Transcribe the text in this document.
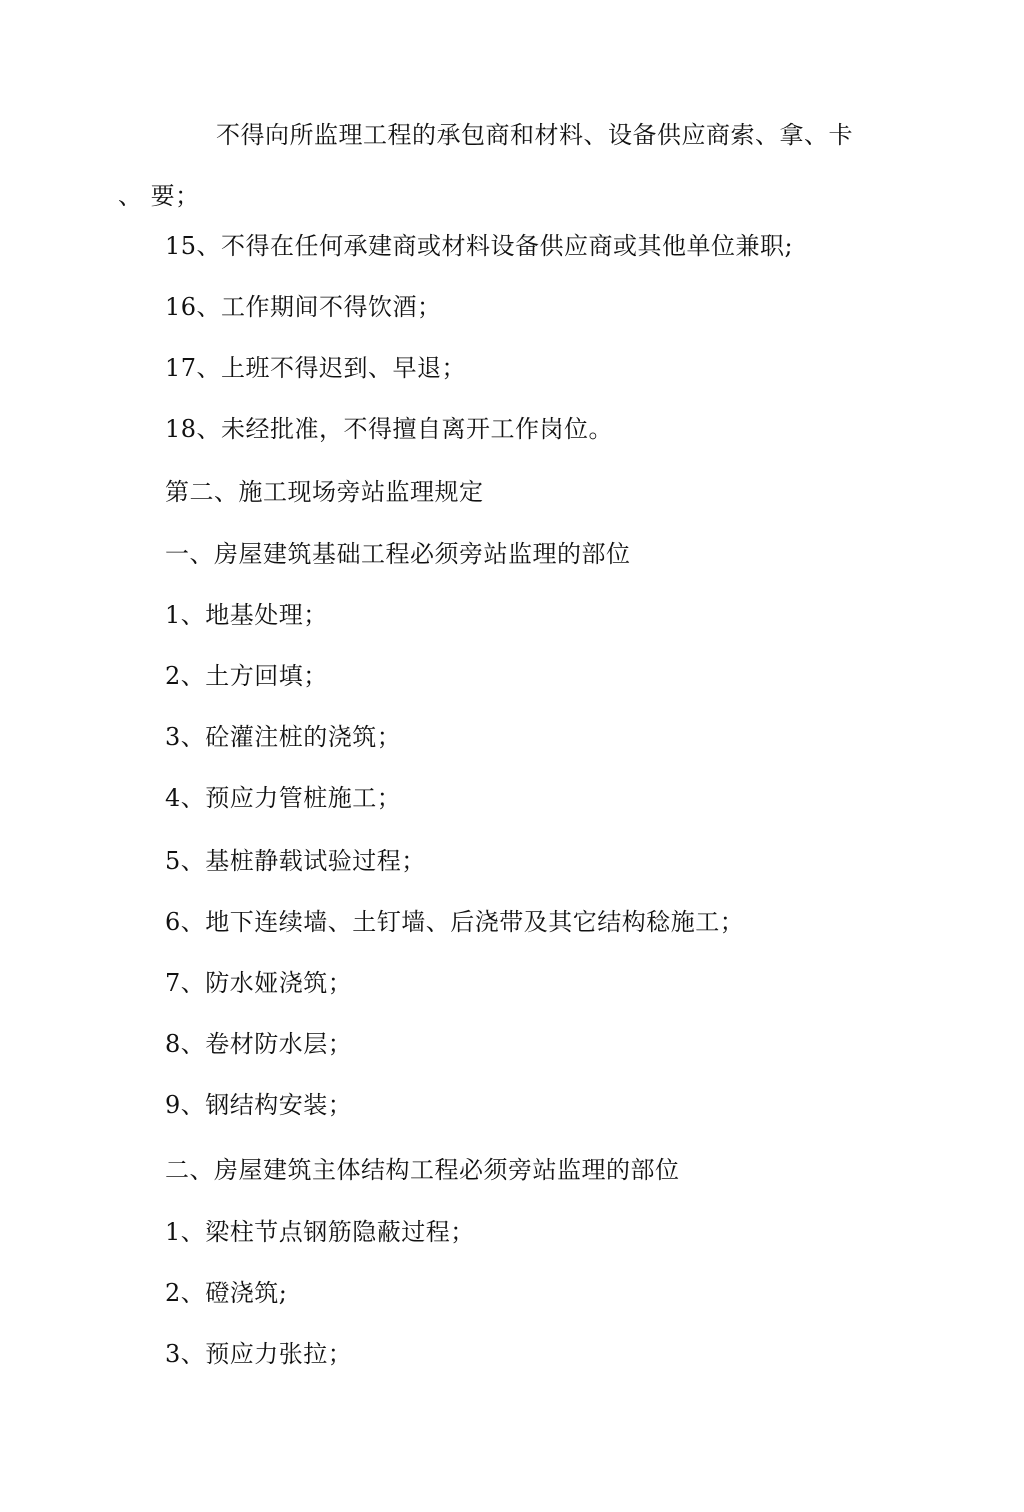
不得向所监理工程的承包商和材料、设备供应商索、拿、卡
、 要；
15、不得在任何承建商或材料设备供应商或其他单位兼职;
16、工作期间不得饮酒；
17、上班不得迟到、早退；
18、未经批准，不得擅自离开工作岗位。
第二、施工现场旁站监理规定
一、房屋建筑基础工程必须旁站监理的部位
1、地基处理；
2、土方回填；
3、砼灌注桩的浇筑；
4、预应力管桩施工；
5、基桩静载试验过程；
6、地下连续墙、土钉墙、后浇带及其它结构稔施工；
7、防水娅浇筑；
8、卷材防水层；
9、钢结构安装；
二、房屋建筑主体结构工程必须旁站监理的部位
1、梁柱节点钢筋隐蔽过程；
2、磴浇筑;
3、预应力张拉；
